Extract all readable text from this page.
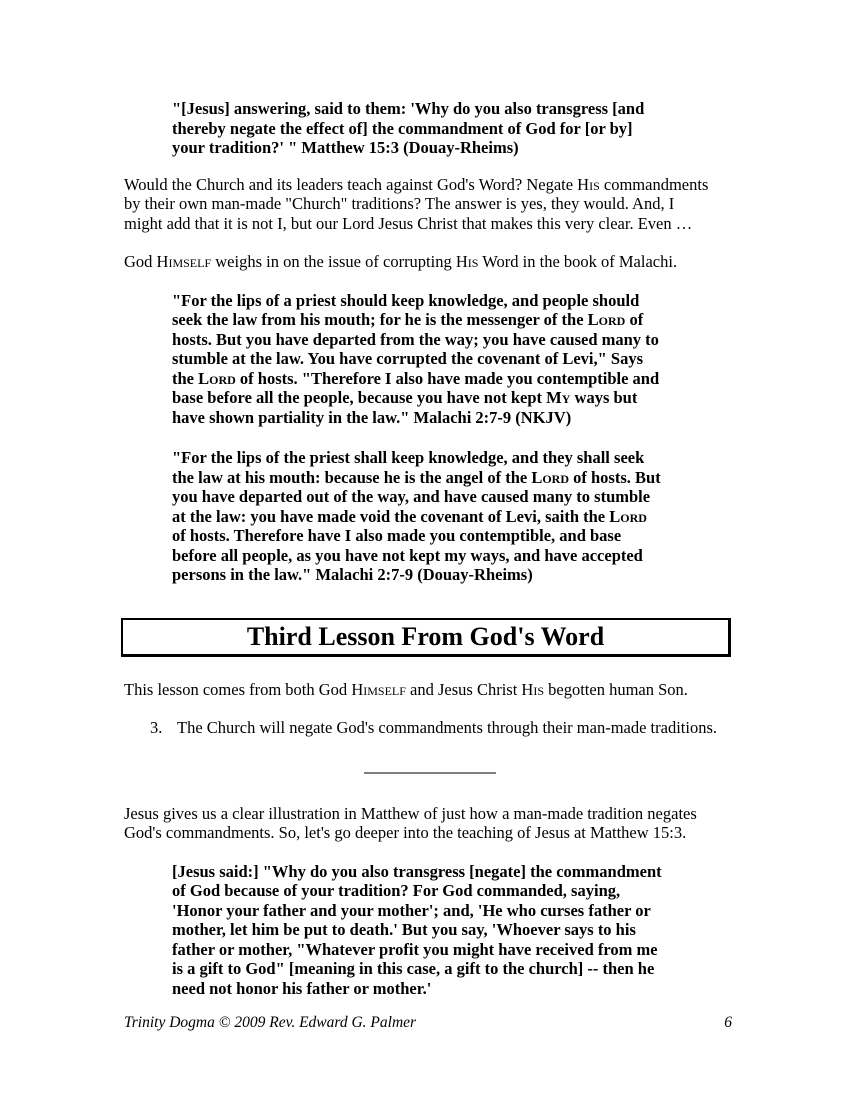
"[Jesus] answering, said to them: 'Why do you also transgress [and
thereby negate the effect of] the commandment of God for [or by]
your tradition?' " Matthew 15:3 (Douay-Rheims)
Would the Church and its leaders teach against God's Word? Negate His commandments
by their own man-made "Church" traditions? The answer is yes, they would. And, I
might add that it is not I, but our Lord Jesus Christ that makes this very clear. Even …
God Himself weighs in on the issue of corrupting His Word in the book of Malachi.
"For the lips of a priest should keep knowledge, and people should
seek the law from his mouth; for he is the messenger of the Lord of
hosts. But you have departed from the way; you have caused many to
stumble at the law. You have corrupted the covenant of Levi," Says
the Lord of hosts. "Therefore I also have made you contemptible and
base before all the people, because you have not kept My ways but
have shown partiality in the law." Malachi 2:7-9 (NKJV)
"For the lips of the priest shall keep knowledge, and they shall seek
the law at his mouth: because he is the angel of the Lord of hosts. But
you have departed out of the way, and have caused many to stumble
at the law: you have made void the covenant of Levi, saith the Lord
of hosts. Therefore have I also made you contemptible, and base
before all people, as you have not kept my ways, and have accepted
persons in the law." Malachi 2:7-9 (Douay-Rheims)
Third Lesson From God's Word
This lesson comes from both God Himself and Jesus Christ His begotten human Son.
3. The Church will negate God's commandments through their man-made traditions.
Jesus gives us a clear illustration in Matthew of just how a man-made tradition negates
God's commandments. So, let's go deeper into the teaching of Jesus at Matthew 15:3.
[Jesus said:] "Why do you also transgress [negate] the commandment
of God because of your tradition? For God commanded, saying,
'Honor your father and your mother'; and, 'He who curses father or
mother, let him be put to death.' But you say, 'Whoever says to his
father or mother, "Whatever profit you might have received from me
is a gift to God" [meaning in this case, a gift to the church] -- then he
need not honor his father or mother.'
Trinity Dogma © 2009 Rev. Edward G. Palmer	6
